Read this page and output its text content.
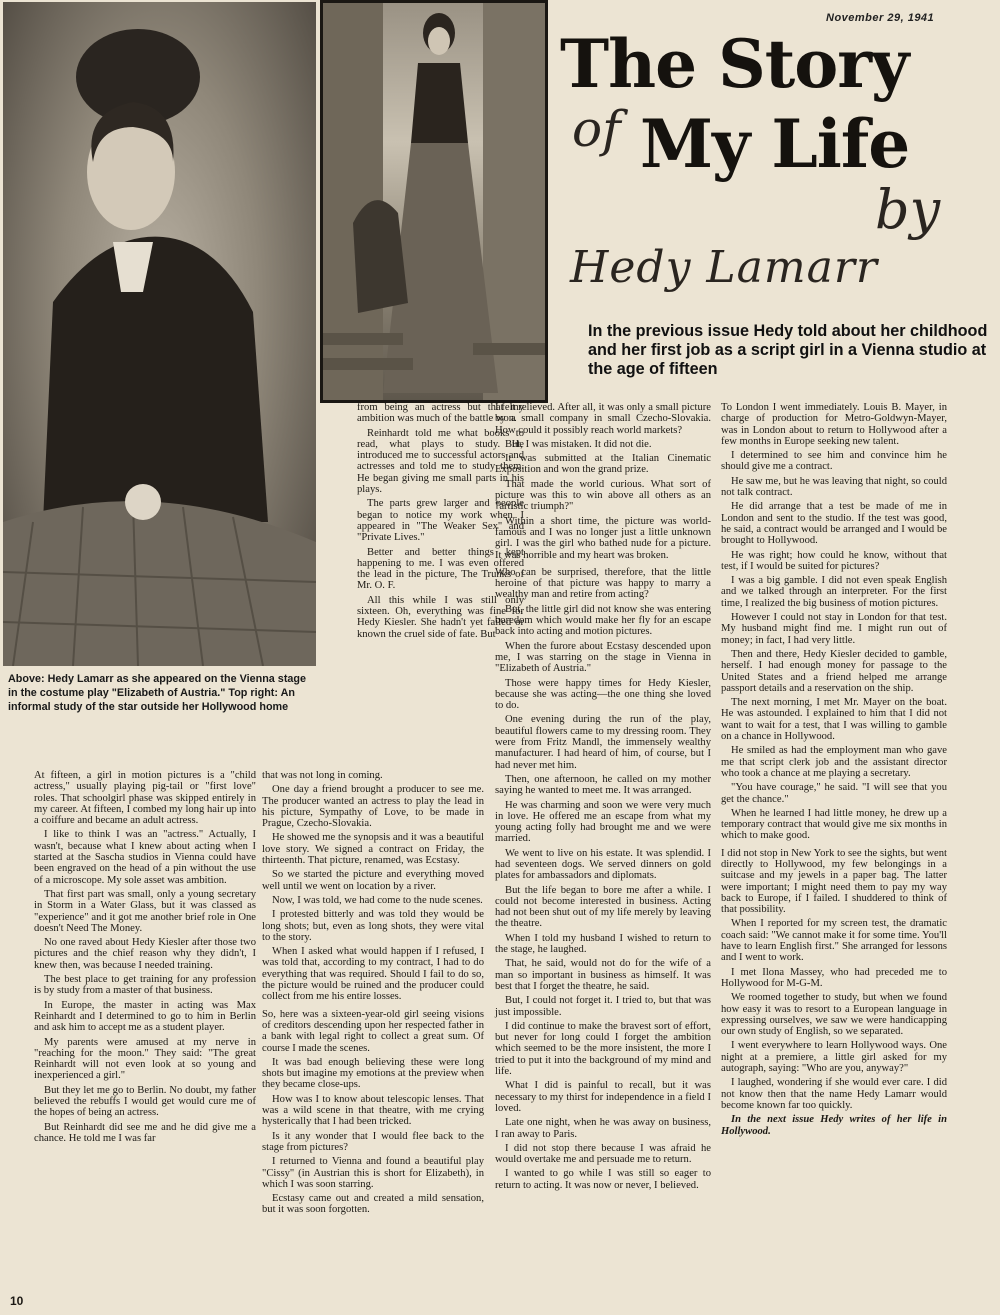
November 29, 1941
The Story
of My Life
by
Hedy Lamarr
In the previous issue Hedy told about her childhood and her first job as a script girl in a Vienna studio at the age of fifteen
Above: Hedy Lamarr as she appeared on the Vienna stage in the costume play "Elizabeth of Austria." Top right: An informal study of the star outside her Hollywood home

from being an actress but that my ambition was much of the battle won.

Reinhardt told me what books to read, what plays to study. He introduced me to successful actors and actresses and told me to study them. He began giving me small parts in his plays.

The parts grew larger and people began to notice my work when I appeared in "The Weaker Sex" and "Private Lives."

Better and better things kept happening to me. I was even offered the lead in the picture, The Trunks of Mr. O. F.

All this while I was still only sixteen. Oh, everything was fine for Hedy Kiesler. She hadn't yet failed or known the cruel side of fate. But

At fifteen, a girl in motion pictures is a "child actress," usually playing pig-tail or "first love" roles. That schoolgirl phase was skipped entirely in my career. At fifteen, I combed my long hair up into a coiffure and became an adult actress.

I like to think I was an "actress." Actually, I wasn't, because what I knew about acting when I started at the Sascha studios in Vienna could have been engraved on the head of a pin without the use of a microscope. My sole asset was ambition.

That first part was small, only a young secretary in Storm in a Water Glass, but it was classed as "experience" and it got me another brief role in One doesn't Need The Money.

No one raved about Hedy Kiesler after those two pictures and the chief reason why they didn't, I knew then, was because I needed training.

The best place to get training for any profession is by study from a master of that business.

In Europe, the master in acting was Max Reinhardt and I determined to go to him in Berlin and ask him to accept me as a student player.

My parents were amused at my nerve in "reaching for the moon." They said: "The great Reinhardt will not even look at so young and inexperienced a girl."

But they let me go to Berlin. No doubt, my father believed the rebuffs I would get would cure me of the hopes of being an actress.

But Reinhardt did see me and he did give me a chance. He told me I was far

that was not long in coming.

One day a friend brought a producer to see me. The producer wanted an actress to play the lead in his picture, Sympathy of Love, to be made in Prague, Czecho-Slovakia.

He showed me the synopsis and it was a beautiful love story. We signed a contract on Friday, the thirteenth. That picture, renamed, was Ecstasy.

So we started the picture and everything moved well until we went on location by a river.

Now, I was told, we had come to the nude scenes.

I protested bitterly and was told they would be long shots; but, even as long shots, they were vital to the story.

When I asked what would happen if I refused, I was told that, according to my contract, I had to do everything that was required. Should I fail to do so, the picture would be ruined and the producer could collect from me his entire losses.

So, here was a sixteen-year-old girl seeing visions of creditors descending upon her respected father in a bank with legal right to collect a great sum. Of course I made the scenes.

It was bad enough believing these were long shots but imagine my emotions at the preview when they became close-ups.

How was I to know about telescopic lenses. That was a wild scene in that theatre, with me crying hysterically that I had been tricked.

Is it any wonder that I would flee back to the stage from pictures?

I returned to Vienna and found a beautiful play "Cissy" (in Austrian this is short for Elizabeth), in which I was soon starring.

Ecstasy came out and created a mild sensation, but it was soon forgotten.

I felt relieved. After all, it was only a small picture by a small company in small Czecho-Slovakia. How could it possibly reach world markets?

But, I was mistaken. It did not die.

It was submitted at the Italian Cinematic Exposition and won the grand prize.

That made the world curious. What sort of picture was this to win above all others as an "artistic triumph?"

Within a short time, the picture was world-famous and I was no longer just a little unknown girl. I was the girl who bathed nude for a picture. It was horrible and my heart was broken.

Who can be surprised, therefore, that the little heroine of that picture was happy to marry a wealthy man and retire from acting?

But, the little girl did not know she was entering boredom which would make her fly for an escape back into acting and motion pictures.

When the furore about Ecstasy descended upon me, I was starring on the stage in Vienna in "Elizabeth of Austria."

Those were happy times for Hedy Kiesler, because she was acting—the one thing she loved to do.

One evening during the run of the play, beautiful flowers came to my dressing room. They were from Fritz Mandl, the immensely wealthy manufacturer. I had heard of him, of course, but I had never met him.

Then, one afternoon, he called on my mother saying he wanted to meet me. It was arranged.

He was charming and soon we were very much in love. He offered me an escape from what my young acting folly had brought me and we were married.

We went to live on his estate. It was splendid. I had seventeen dogs. We served dinners on gold plates for ambassadors and diplomats.

But the life began to bore me after a while. I could not become interested in business. Acting had not been shut out of my life merely by leaving the theatre.

When I told my husband I wished to return to the stage, he laughed.

That, he said, would not do for the wife of a man so important in business as himself. It was best that I forget the theatre, he said.

But, I could not forget it. I tried to, but that was just impossible.

I did continue to make the bravest sort of effort, but never for long could I forget the ambition which seemed to be the more insistent, the more I tried to put it into the background of my mind and life.

What I did is painful to recall, but it was necessary to my thirst for independence in a field I loved.

Late one night, when he was away on business, I ran away to Paris.

I did not stop there because I was afraid he would overtake me and persuade me to return.

I wanted to go while I was still so eager to return to acting. It was now or never, I believed.

To London I went immediately. Louis B. Mayer, in charge of production for Metro-Goldwyn-Mayer, was in London about to return to Hollywood after a few months in Europe seeking new talent.

I determined to see him and convince him he should give me a contract.

He saw me, but he was leaving that night, so could not talk contract.

He did arrange that a test be made of me in London and sent to the studio. If the test was good, he said, a contract would be arranged and I would be brought to Hollywood.

He was right; how could he know, without that test, if I would be suited for pictures?

I was a big gamble. I did not even speak English and we talked through an interpreter. For the first time, I realized the big business of motion pictures.

However I could not stay in London for that test. My husband might find me. I might run out of money; in fact, I had very little.

Then and there, Hedy Kiesler decided to gamble, herself. I had enough money for passage to the United States and a friend helped me arrange passport details and a reservation on the ship.

The next morning, I met Mr. Mayer on the boat. He was astounded. I explained to him that I did not want to wait for a test, that I was willing to gamble on a chance in Hollywood.

He smiled as had the employment man who gave me that script clerk job and the assistant director who took a chance at me playing a secretary.

"You have courage," he said. "I will see that you get the chance."

When he learned I had little money, he drew up a temporary contract that would give me six months in which to make good.

I did not stop in New York to see the sights, but went directly to Hollywood, my few belongings in a suitcase and my jewels in a paper bag. The latter were important; I might need them to pay my way back to Europe, if I failed. I shuddered to think of that possibility.

When I reported for my screen test, the dramatic coach said: "We cannot make it for some time. You'll have to learn English first." She arranged for lessons and I went to work.

I met Ilona Massey, who had preceded me to Hollywood for M-G-M.

We roomed together to study, but when we found how easy it was to resort to a European language in expressing ourselves, we saw we were handicapping our own study of English, so we separated.

I went everywhere to learn Hollywood ways. One night at a premiere, a little girl asked for my autograph, saying: "Who are you, anyway?"

I laughed, wondering if she would ever care. I did not know then that the name Hedy Lamarr would become known far too quickly.

In the next issue Hedy writes of her life in Hollywood.

10
